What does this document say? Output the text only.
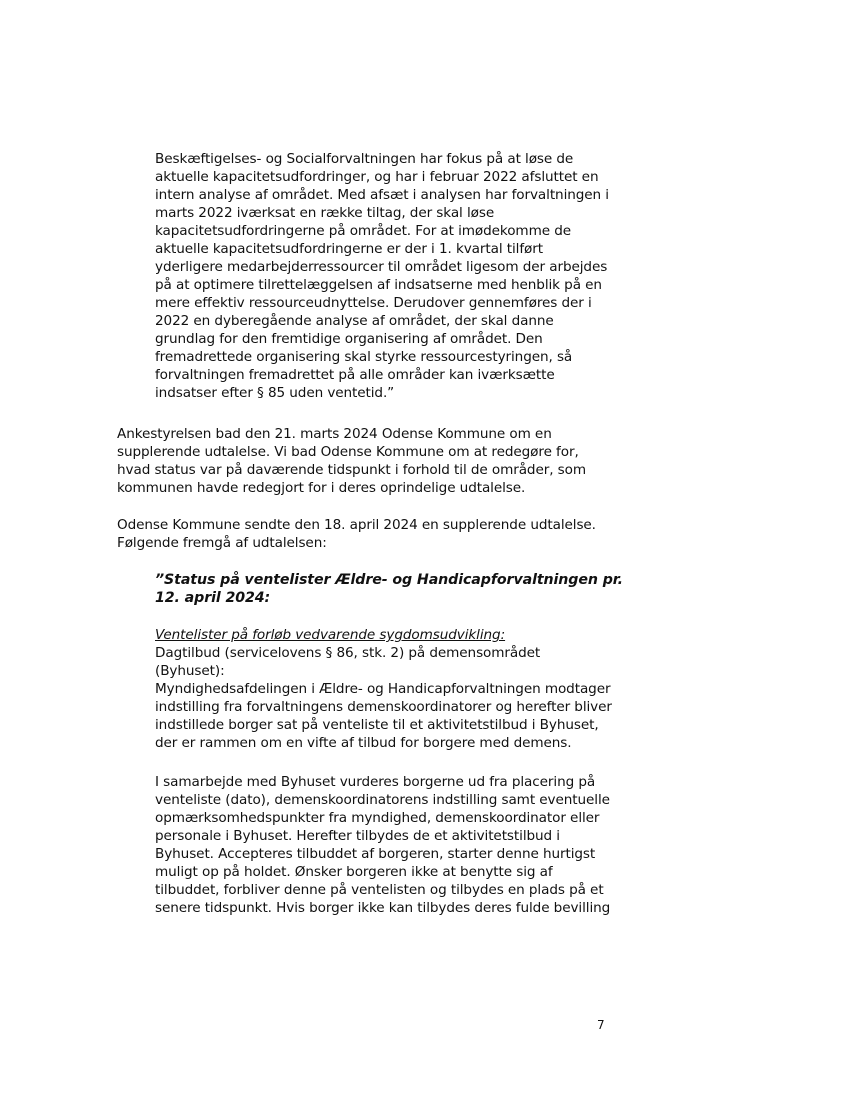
Beskæftigelses- og Socialforvaltningen har fokus på at løse de
aktuelle kapacitetsudfordringer, og har i februar 2022 afsluttet en
intern analyse af området. Med afsæt i analysen har forvaltningen i
marts 2022 iværksat en række tiltag, der skal løse
kapacitetsudfordringerne på området. For at imødekomme de
aktuelle kapacitetsudfordringerne er der i 1. kvartal tilført
yderligere medarbejderressourcer til området ligesom der arbejdes
på at optimere tilrettelæggelsen af indsatserne med henblik på en
mere effektiv ressourceudnyttelse. Derudover gennemføres der i
2022 en dyberegående analyse af området, der skal danne
grundlag for den fremtidige organisering af området. Den
fremadrettede organisering skal styrke ressourcestyringen, så
forvaltningen fremadrettet på alle områder kan iværksætte
indsatser efter § 85 uden ventetid.”
Ankestyrelsen bad den 21. marts 2024 Odense Kommune om en
supplerende udtalelse. Vi bad Odense Kommune om at redegøre for,
hvad status var på daværende tidspunkt i forhold til de områder, som
kommunen havde redegjort for i deres oprindelige udtalelse.
Odense Kommune sendte den 18. april 2024 en supplerende udtalelse.
Følgende fremgå af udtalelsen:
”Status på ventelister Ældre- og Handicapforvaltningen pr.
12. april 2024:
Ventelister på forløb vedvarende sygdomsudvikling:
Dagtilbud (servicelovens § 86, stk. 2) på demensområdet
(Byhuset):
Myndighedsafdelingen i Ældre- og Handicapforvaltningen modtager
indstilling fra forvaltningens demenskoordinatorer og herefter bliver
indstillede borger sat på venteliste til et aktivitetstilbud i Byhuset,
der er rammen om en vifte af tilbud for borgere med demens.
I samarbejde med Byhuset vurderes borgerne ud fra placering på
venteliste (dato), demenskoordinatorens indstilling samt eventuelle
opmærksomhedspunkter fra myndighed, demenskoordinator eller
personale i Byhuset. Herefter tilbydes de et aktivitetstilbud i
Byhuset. Accepteres tilbuddet af borgeren, starter denne hurtigst
muligt op på holdet. Ønsker borgeren ikke at benytte sig af
tilbuddet, forbliver denne på ventelisten og tilbydes en plads på et
senere tidspunkt. Hvis borger ikke kan tilbydes deres fulde bevilling
7
